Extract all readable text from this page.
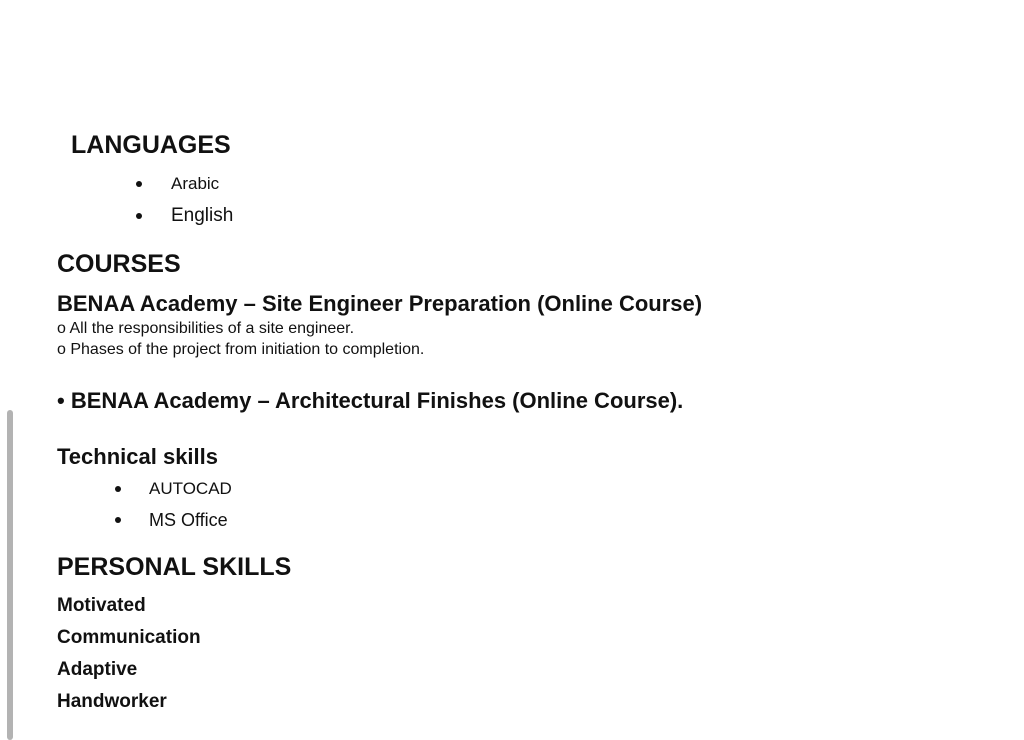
LANGUAGES
Arabic
English
COURSES
BENAA Academy – Site Engineer Preparation (Online Course)

o All the responsibilities of a site engineer.

o Phases of the project from initiation to completion.

• BENAA Academy – Architectural Finishes (Online Course).
Technical skills
AUTOCAD
MS Office
PERSONAL SKILLS

Motivated

Communication

Adaptive

Handworker
